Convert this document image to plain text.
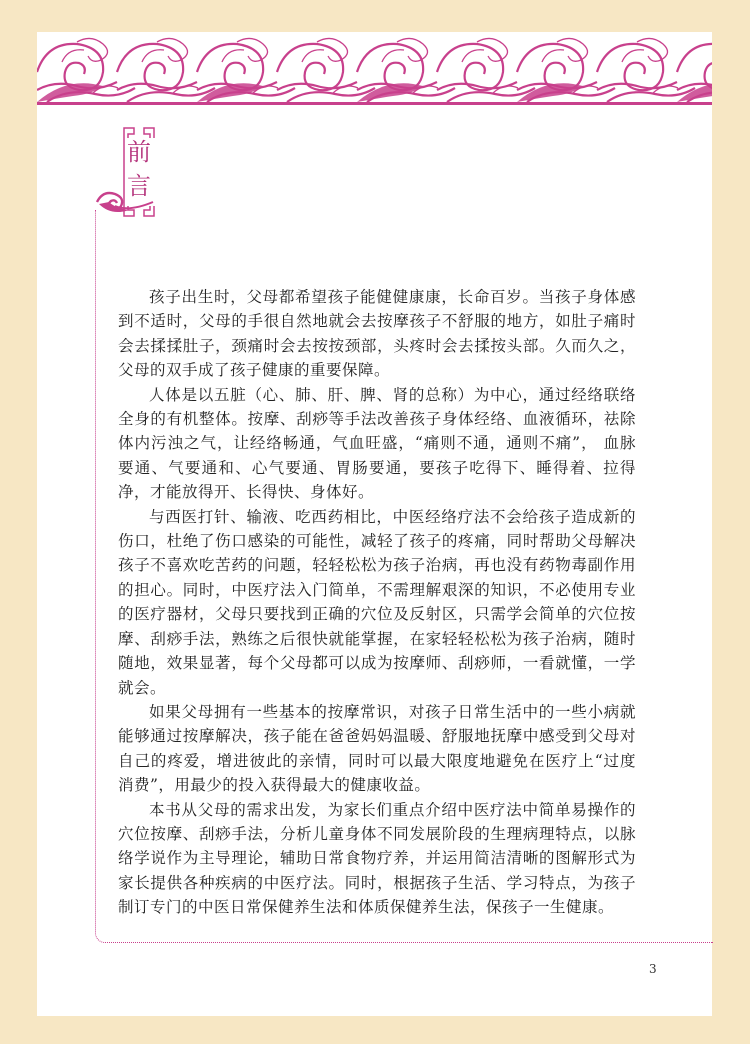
前
言

孩子出生时，父母都希望孩子能健健康康，长命百岁。当孩子身体感到不适时，父母的手很自然地就会去按摩孩子不舒服的地方，如肚子痛时会去揉揉肚子，颈痛时会去按按颈部，头疼时会去揉按头部。久而久之，父母的双手成了孩子健康的重要保障。

人体是以五脏（心、肺、肝、脾、肾的总称）为中心，通过经络联络全身的有机整体。按摩、刮痧等手法改善孩子身体经络、血液循环，祛除体内污浊之气，让经络畅通，气血旺盛，“痛则不通，通则不痛”， 血脉要通、气要通和、心气要通、胃肠要通，要孩子吃得下、睡得着、拉得净，才能放得开、长得快、身体好。

与西医打针、输液、吃西药相比，中医经络疗法不会给孩子造成新的伤口，杜绝了伤口感染的可能性，减轻了孩子的疼痛，同时帮助父母解决孩子不喜欢吃苦药的问题，轻轻松松为孩子治病，再也没有药物毒副作用的担心。同时，中医疗法入门简单，不需理解艰深的知识，不必使用专业的医疗器材，父母只要找到正确的穴位及反射区，只需学会简单的穴位按摩、刮痧手法，熟练之后很快就能掌握，在家轻轻松松为孩子治病，随时随地，效果显著，每个父母都可以成为按摩师、刮痧师，一看就懂，一学就会。

如果父母拥有一些基本的按摩常识，对孩子日常生活中的一些小病就能够通过按摩解决，孩子能在爸爸妈妈温暖、舒服地抚摩中感受到父母对自己的疼爱，增进彼此的亲情，同时可以最大限度地避免在医疗上“过度消费”，用最少的投入获得最大的健康收益。

本书从父母的需求出发，为家长们重点介绍中医疗法中简单易操作的穴位按摩、刮痧手法，分析儿童身体不同发展阶段的生理病理特点，以脉络学说作为主导理论，辅助日常食物疗养，并运用简洁清晰的图解形式为家长提供各种疾病的中医疗法。同时，根据孩子生活、学习特点，为孩子制订专门的中医日常保健养生法和体质保健养生法，保孩子一生健康。

3
